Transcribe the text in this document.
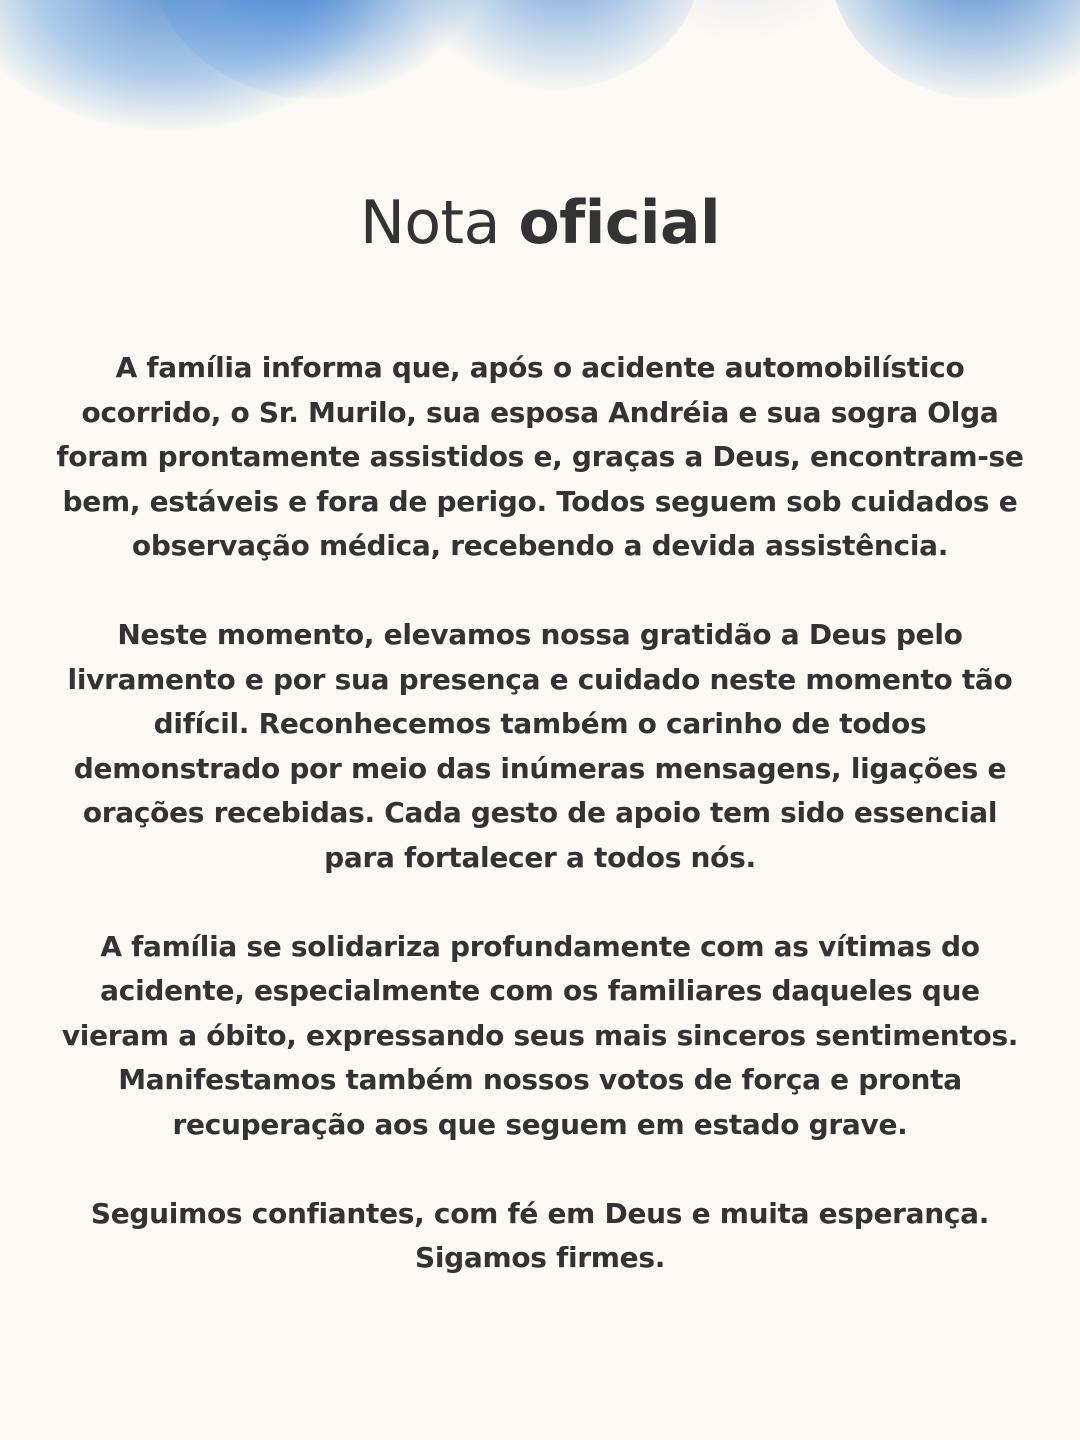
Nota oficial

A família informa que, após o acidente automobilístico ocorrido, o Sr. Murilo, sua esposa Andréia e sua sogra Olga foram prontamente assistidos e, graças a Deus, encontram-se bem, estáveis e fora de perigo. Todos seguem sob cuidados e observação médica, recebendo a devida assistência.

Neste momento, elevamos nossa gratidão a Deus pelo livramento e por sua presença e cuidado neste momento tão difícil. Reconhecemos também o carinho de todos demonstrado por meio das inúmeras mensagens, ligações e orações recebidas. Cada gesto de apoio tem sido essencial para fortalecer a todos nós.

A família se solidariza profundamente com as vítimas do acidente, especialmente com os familiares daqueles que vieram a óbito, expressando seus mais sinceros sentimentos. Manifestamos também nossos votos de força e pronta recuperação aos que seguem em estado grave.

Seguimos confiantes, com fé em Deus e muita esperança. Sigamos firmes.
